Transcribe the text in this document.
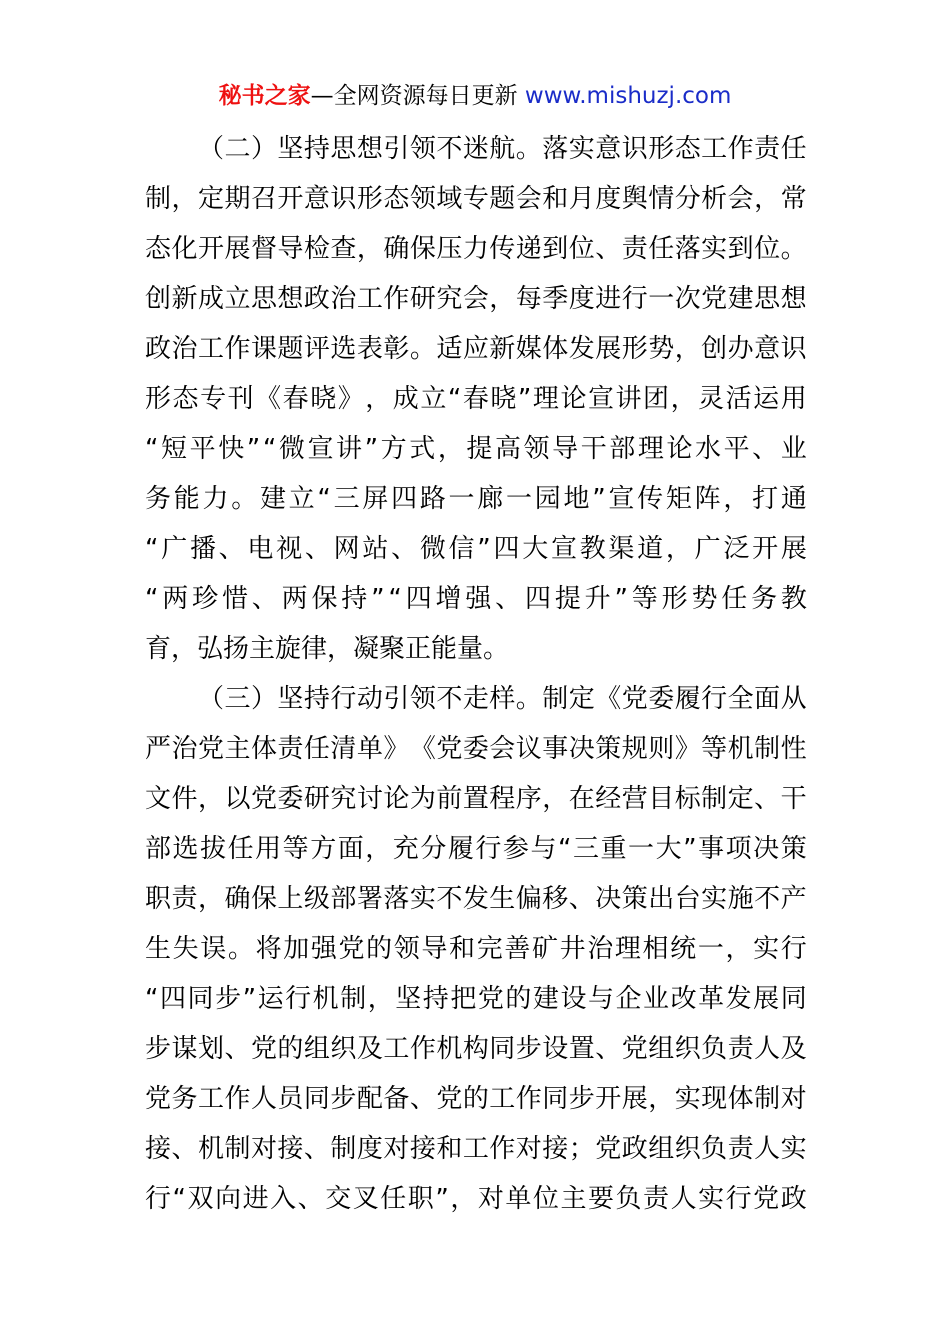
秘书之家—全网资源每日更新 www.mishuzj.com

（ 二 ） 坚 持 思 想 引 领 不 迷 航 。 落 实 意 识 形 态 工 作 责 任
制 ， 定 期 召 开 意 识 形 态 领 域 专 题 会 和 月 度 舆 情 分 析 会 ， 常
态 化 开 展 督 导 检 查 ， 确 保 压 力 传 递 到 位 、 责 任 落 实 到 位 。
创 新 成 立 思 想 政 治 工 作 研 究 会 ， 每 季 度 进 行 一 次 党 建 思 想
政 治 工 作 课 题 评 选 表 彰 。 适 应 新 媒 体 发 展 形 势 ， 创 办 意 识
形 态 专 刊 《 春 晓 》 ， 成 立 “ 春 晓 ” 理 论 宣 讲 团 ， 灵 活 运 用
“ 短 平 快 ” “ 微 宣 讲 ” 方 式 ， 提 高 领 导 干 部 理 论 水 平 、 业
务 能 力 。 建 立 “ 三 屏 四 路 一 廊 一 园 地 ” 宣 传 矩 阵 ， 打 通
“ 广 播 、 电 视 、 网 站 、 微 信 ” 四 大 宣 教 渠 道 ， 广 泛 开 展
“ 两 珍 惜 、 两 保 持 ” “ 四 增 强 、 四 提 升 ” 等 形 势 任 务 教
育，弘扬主旋律，凝聚正能量。

（ 三 ） 坚 持 行 动 引 领 不 走 样 。 制 定 《 党 委 履 行 全 面 从
严 治 党 主 体 责 任 清 单 》 《 党 委 会 议 事 决 策 规 则 》 等 机 制 性
文 件 ， 以 党 委 研 究 讨 论 为 前 置 程 序 ， 在 经 营 目 标 制 定 、 干
部 选 拔 任 用 等 方 面 ， 充 分 履 行 参 与 “ 三 重 一 大 ” 事 项 决 策
职 责 ， 确 保 上 级 部 署 落 实 不 发 生 偏 移 、 决 策 出 台 实 施 不 产
生 失 误 。 将 加 强 党 的 领 导 和 完 善 矿 井 治 理 相 统 一 ， 实 行
“ 四 同 步 ” 运 行 机 制 ， 坚 持 把 党 的 建 设 与 企 业 改 革 发 展 同
步 谋 划 、 党 的 组 织 及 工 作 机 构 同 步 设 置 、 党 组 织 负 责 人 及
党 务 工 作 人 员 同 步 配 备 、 党 的 工 作 同 步 开 展 ， 实 现 体 制 对
接 、 机 制 对 接 、 制 度 对 接 和 工 作 对 接 ； 党 政 组 织 负 责 人 实
行 “ 双 向 进 入 、 交 叉 任 职 ” ， 对 单 位 主 要 负 责 人 实 行 党 政
